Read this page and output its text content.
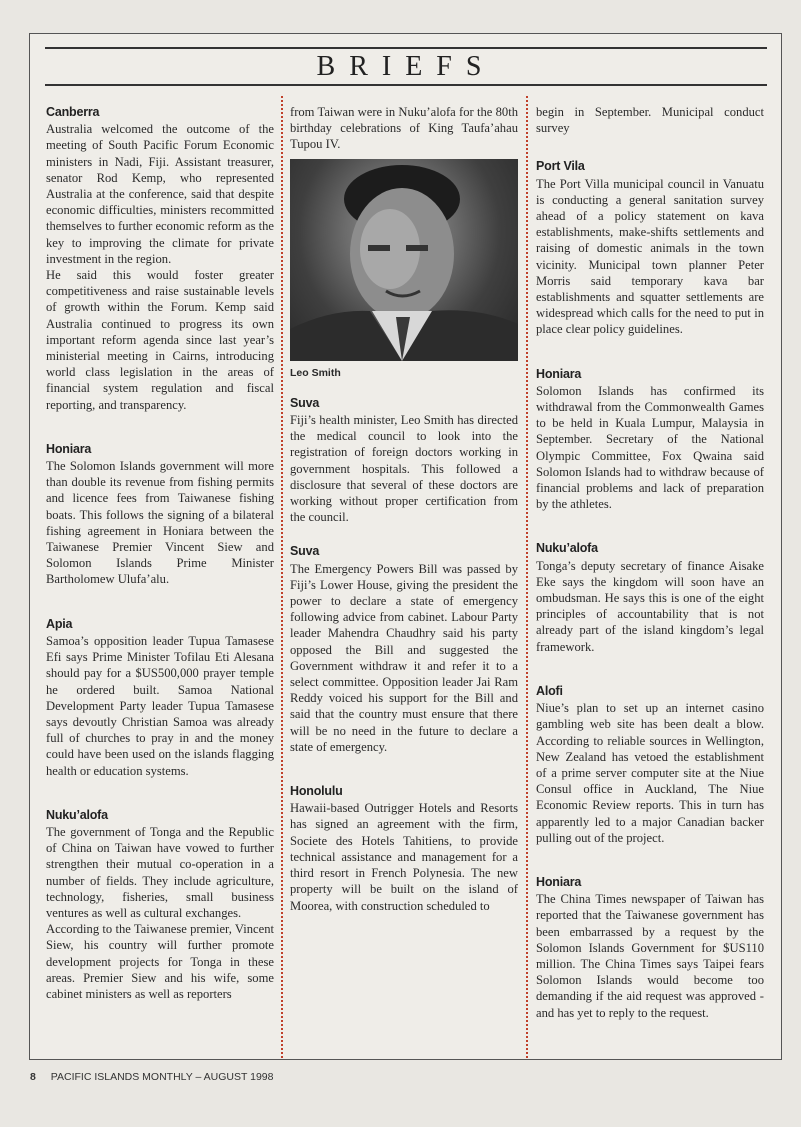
BRIEFS
Canberra

Australia welcomed the outcome of the meeting of South Pacific Forum Economic ministers in Nadi, Fiji. Assistant treasurer, senator Rod Kemp, who represented Australia at the conference, said that despite economic difficulties, ministers recommitted themselves to further economic reform as the key to improving the climate for private investment in the region.

He said this would foster greater competitiveness and raise sustainable levels of growth within the Forum. Kemp said Australia continued to progress its own important reform agenda since last year’s ministerial meeting in Cairns, introducing world class legislation in the areas of financial system regulation and fiscal reporting, and transparency.

Honiara

The Solomon Islands government will more than double its revenue from fishing permits and licence fees from Taiwanese fishing boats. This follows the signing of a bilateral fishing agreement in Honiara between the Taiwanese Premier Vincent Siew and Solomon Islands Prime Minister Bartholomew Ulufa’alu.

Apia

Samoa’s opposition leader Tupua Tamasese Efi says Prime Minister Tofilau Eti Alesana should pay for a $US500,000 prayer temple he ordered built. Samoa National Development Party leader Tupua Tamasese says devoutly Christian Samoa was already full of churches to pray in and the money could have been used on the islands flagging health or education systems.

Nuku’alofa

The government of Tonga and the Republic of China on Taiwan have vowed to further strengthen their mutual co-operation in a number of fields. They include agriculture, technology, fisheries, small business ventures as well as cultural exchanges.

According to the Taiwanese premier, Vincent Siew, his country will further promote development projects for Tonga in these areas. Premier Siew and his wife, some cabinet ministers as well as reporters

from Taiwan were in Nuku’alofa for the 80th birthday celebrations of King Taufa’ahau Tupou IV.

Leo Smith
Suva

Fiji’s health minister, Leo Smith has directed the medical council to look into the registration of foreign doctors working in government hospitals. This followed a disclosure that several of these doctors are working without proper certification from the council.

Suva

The Emergency Powers Bill was passed by Fiji’s Lower House, giving the president the power to declare a state of emergency following advice from cabinet. Labour Party leader Mahendra Chaudhry said his party opposed the Bill and suggested the Government withdraw it and refer it to a select committee. Opposition leader Jai Ram Reddy voiced his support for the Bill and said that the country must ensure that there will be no need in the future to declare a state of emergency.

Honolulu

Hawaii-based Outrigger Hotels and Resorts has signed an agreement with the firm, Societe des Hotels Tahitiens, to provide technical assistance and management for a third resort in French Polynesia. The new property will be built on the island of Moorea, with construction scheduled to

begin in September. Municipal conduct survey

Port Vila

The Port Villa municipal council in Vanuatu is conducting a general sanitation survey ahead of a policy statement on kava establishments, make-shifts settlements and raising of domestic animals in the town vicinity. Municipal town planner Peter Morris said temporary kava bar establishments and squatter settlements are widespread which calls for the need to put in place clear policy guidelines.

Honiara

Solomon Islands has confirmed its withdrawal from the Commonwealth Games to be held in Kuala Lumpur, Malaysia in September. Secretary of the National Olympic Committee, Fox Qwaina said Solomon Islands had to withdraw because of financial problems and lack of preparation by the athletes.

Nuku’alofa

Tonga’s deputy secretary of finance Aisake Eke says the kingdom will soon have an ombudsman. He says this is one of the eight principles of accountability that is not already part of the island kingdom’s legal framework.

Alofi

Niue’s plan to set up an internet casino gambling web site has been dealt a blow. According to reliable sources in Wellington, New Zealand has vetoed the establishment of a prime server computer site at the Niue Consul office in Auckland, The Niue Economic Review reports. This in turn has apparently led to a major Canadian backer pulling out of the project.

Honiara

The China Times newspaper of Taiwan has reported that the Taiwanese government has been embarrassed by a request by the Solomon Islands Government for $US110 million. The China Times says Taipei fears Solomon Islands would become too demanding if the aid request was approved - and has yet to reply to the request.

8 PACIFIC ISLANDS MONTHLY – AUGUST 1998
